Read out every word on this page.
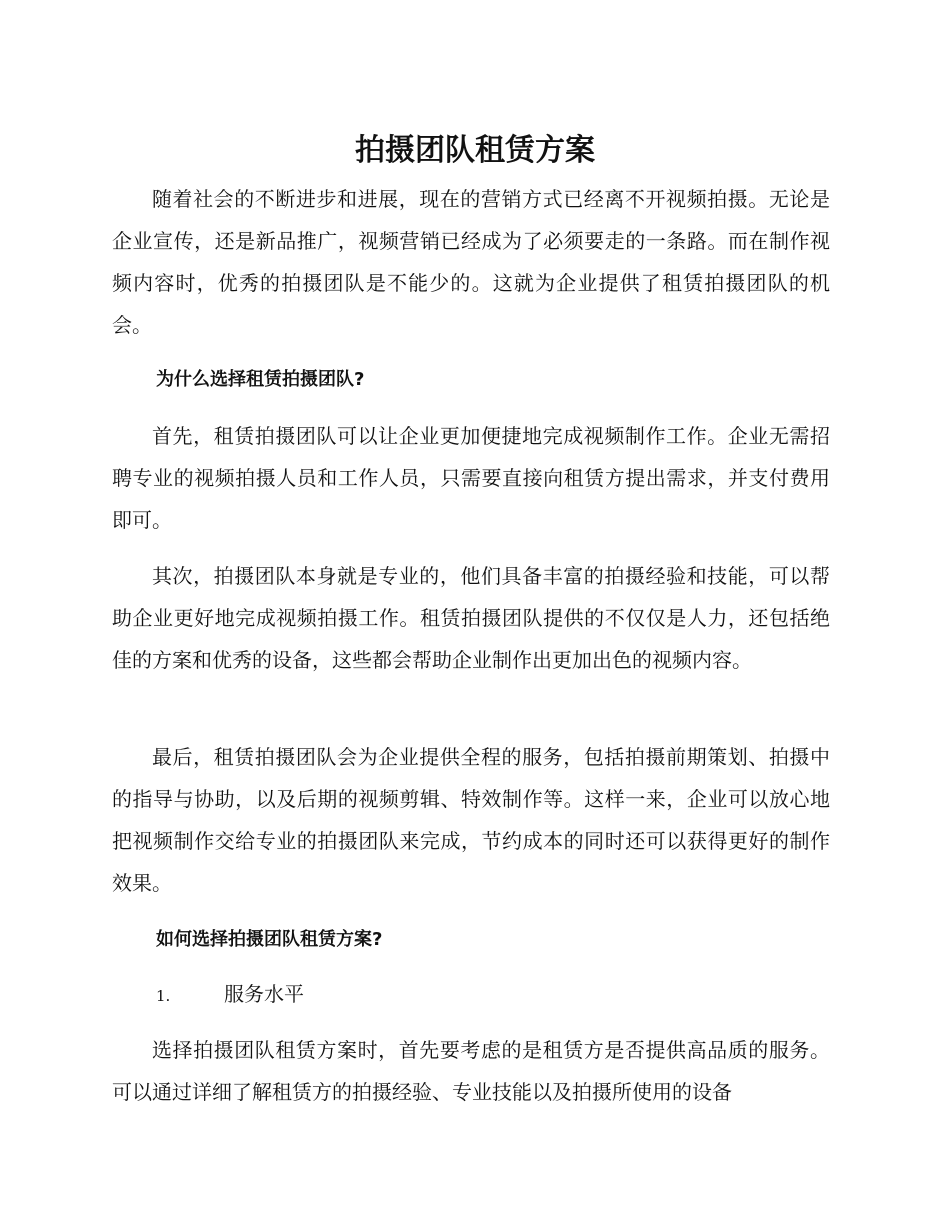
拍摄团队租赁方案

随着社会的不断进步和进展，现在的营销方式已经离不开视频拍摄。无论是企业宣传，还是新品推广，视频营销已经成为了必须要走的一条路。而在制作视频内容时，优秀的拍摄团队是不能少的。这就为企业提供了租赁拍摄团队的机会。

为什么选择租赁拍摄团队?

首先，租赁拍摄团队可以让企业更加便捷地完成视频制作工作。企业无需招聘专业的视频拍摄人员和工作人员，只需要直接向租赁方提出需求，并支付费用即可。

其次，拍摄团队本身就是专业的，他们具备丰富的拍摄经验和技能，可以帮助企业更好地完成视频拍摄工作。租赁拍摄团队提供的不仅仅是人力，还包括绝佳的方案和优秀的设备，这些都会帮助企业制作出更加出色的视频内容。

最后，租赁拍摄团队会为企业提供全程的服务，包括拍摄前期策划、拍摄中的指导与协助，以及后期的视频剪辑、特效制作等。这样一来，企业可以放心地把视频制作交给专业的拍摄团队来完成，节约成本的同时还可以获得更好的制作效果。

如何选择拍摄团队租赁方案?
1.	服务水平

选择拍摄团队租赁方案时，首先要考虑的是租赁方是否提供高品质的服务。可以通过详细了解租赁方的拍摄经验、专业技能以及拍摄所使用的设备
